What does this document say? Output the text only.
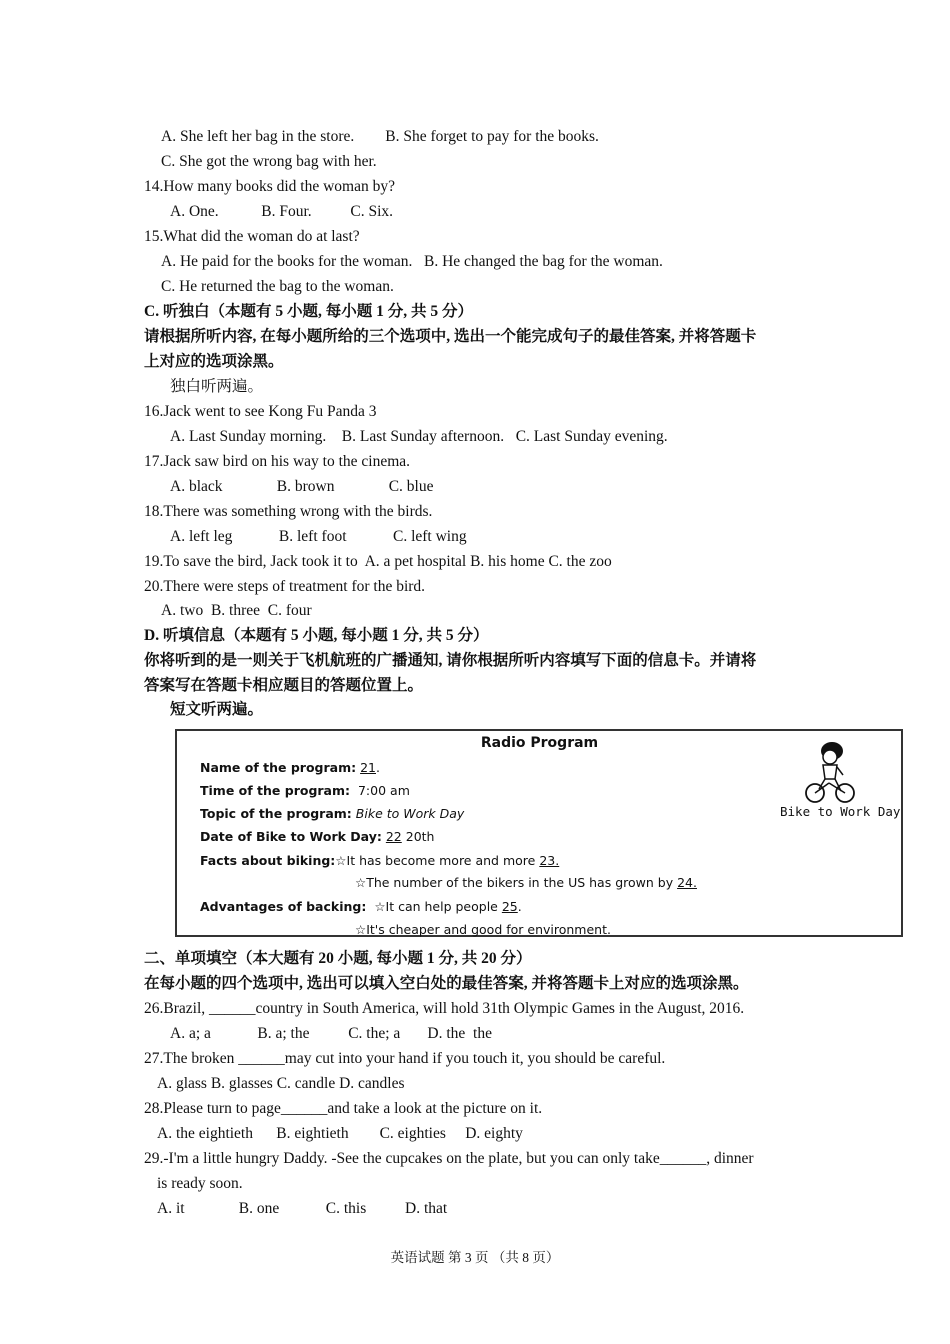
A. She left her bag in the store.        B. She forget to pay for the books.
C. She got the wrong bag with her.
14.How many books did the woman by?
A. One.           B. Four.          C. Six.
15.What did the woman do at last?
A. He paid for the books for the woman.   B. He changed the bag for the woman.
C. He returned the bag to the woman.
C. 听独白（本题有 5 小题, 每小题 1 分, 共 5 分）
请根据所听内容, 在每小题所给的三个选项中, 选出一个能完成句子的最佳答案, 并将答题卡
上对应的选项涂黑。
独白听两遍。
16.Jack went to see Kong Fu Panda 3
A. Last Sunday morning.    B. Last Sunday afternoon.   C. Last Sunday evening.
17.Jack saw bird on his way to the cinema.
A. black              B. brown              C. blue
18.There was something wrong with the birds.
A. left leg            B. left foot            C. left wing
19.To save the bird, Jack took it to  A. a pet hospital B. his home C. the zoo
20.There were steps of treatment for the bird.
A. two  B. three  C. four
D. 听填信息（本题有 5 小题, 每小题 1 分, 共 5 分）
你将听到的是一则关于飞机航班的广播通知, 请你根据所听内容填写下面的信息卡。并请将
答案写在答题卡相应题目的答题位置上。
短文听两遍。
Radio Program
Name of the program: 21.
Time of the program: 7:00 am
Topic of the program: Bike to Work Day
Date of Bike to Work Day: 22 20th
Facts about biking:☆It has become more and more 23.
☆The number of the bikers in the US has grown by 24.
Advantages of backing: ☆It can help people 25.
☆It's cheaper and good for environment.
Bike to Work Day
二、单项填空（本大题有 20 小题, 每小题 1 分, 共 20 分）
在每小题的四个选项中, 选出可以填入空白处的最佳答案, 并将答题卡上对应的选项涂黑。
26.Brazil, ______country in South America, will hold 31th Olympic Games in the August, 2016.
A. a; a            B. a; the          C. the; a       D. the  the
27.The broken ______may cut into your hand if you touch it, you should be careful.
A. glass B. glasses C. candle D. candles
28.Please turn to page______and take a look at the picture on it.
A. the eightieth      B. eightieth        C. eighties     D. eighty
29.-I'm a little hungry Daddy. -See the cupcakes on the plate, but you can only take______, dinner
is ready soon.
A. it              B. one            C. this          D. that
英语试题 第 3 页 （共 8 页）
